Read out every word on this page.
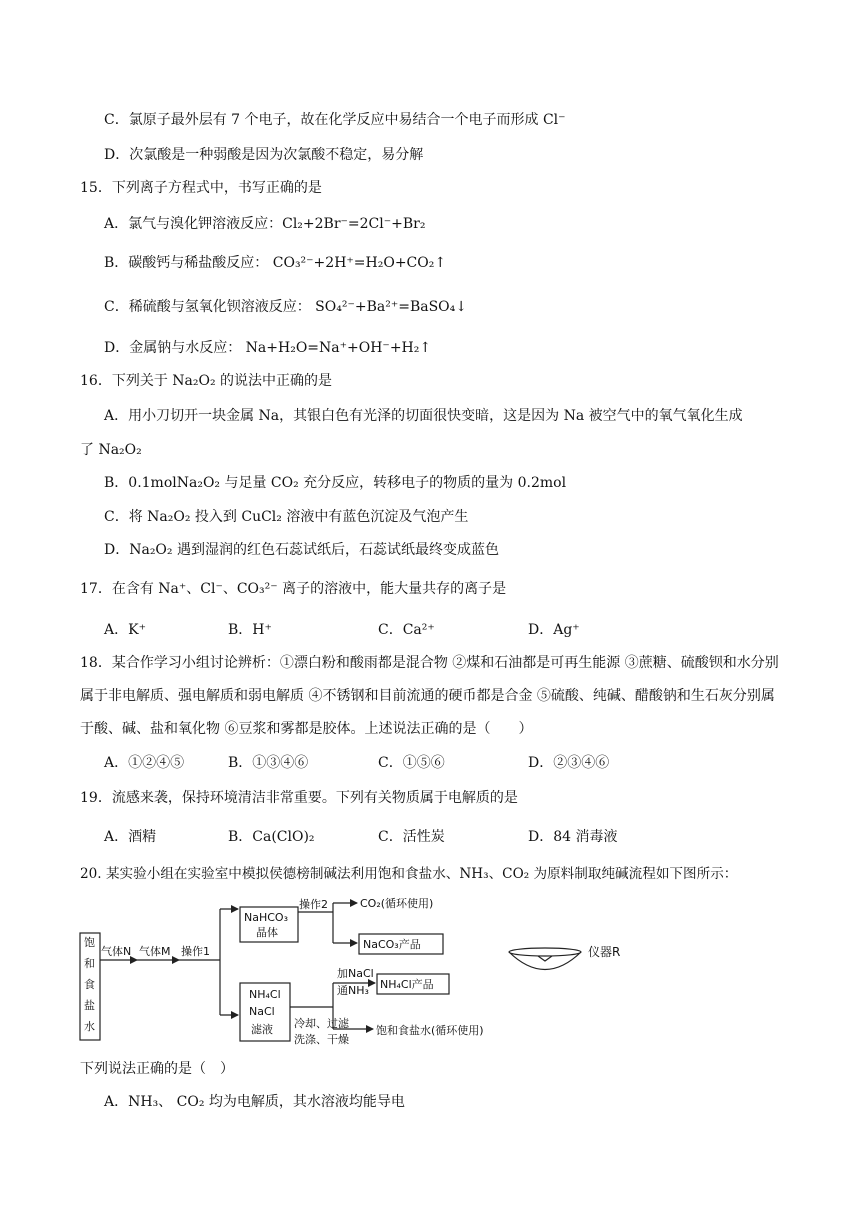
C．氯原子最外层有 7 个电子，故在化学反应中易结合一个电子而形成 Cl⁻
D．次氯酸是一种弱酸是因为次氯酸不稳定，易分解
15．下列离子方程式中，书写正确的是
A．氯气与溴化钾溶液反应：Cl₂+2Br⁻=2Cl⁻+Br₂
B．碳酸钙与稀盐酸反应： CO₃²⁻+2H⁺=H₂O+CO₂↑
C．稀硫酸与氢氧化钡溶液反应： SO₄²⁻+Ba²⁺=BaSO₄↓
D．金属钠与水反应： Na+H₂O=Na⁺+OH⁻+H₂↑
16．下列关于 Na₂O₂ 的说法中正确的是
A．用小刀切开一块金属 Na，其银白色有光泽的切面很快变暗，这是因为 Na 被空气中的氧气氧化生成
了 Na₂O₂
B．0.1molNa₂O₂ 与足量 CO₂ 充分反应，转移电子的物质的量为 0.2mol
C．将 Na₂O₂ 投入到 CuCl₂ 溶液中有蓝色沉淀及气泡产生
D．Na₂O₂ 遇到湿润的红色石蕊试纸后，石蕊试纸最终变成蓝色
17．在含有 Na⁺、Cl⁻、CO₃²⁻ 离子的溶液中，能大量共存的离子是
A．K⁺	B．H⁺	C．Ca²⁺	D．Ag⁺
18．某合作学习小组讨论辨析：①漂白粉和酸雨都是混合物 ②煤和石油都是可再生能源 ③蔗糖、硫酸钡和水分别属于非电解质、强电解质和弱电解质 ④不锈钢和目前流通的硬币都是合金 ⑤硫酸、纯碱、醋酸钠和生石灰分别属于酸、碱、盐和氧化物 ⑥豆浆和雾都是胶体。上述说法正确的是（　　）
A．①②④⑤	B．①③④⑥	C．①⑤⑥	D．②③④⑥
19．流感来袭，保持环境清洁非常重要。下列有关物质属于电解质的是
A．酒精	B．Ca(ClO)₂	C．活性炭	D．84 消毒液
20. 某实验小组在实验室中模拟侯德榜制碱法利用饱和食盐水、NH₃、CO₂ 为原料制取纯碱流程如下图所示：
饱
和
食
盐
水
气体N 气体M 操作1
NaHCO₃
晶体
操作2	CO₂(循环使用)
NaCO₃产品
NH₄Cl
NaCl
滤液
加NaCl
通NH₃ NH₄Cl产品
冷却、过滤
洗涤、干燥
饱和食盐水(循环使用)
仪器R
下列说法正确的是（　）
A．NH₃、 CO₂ 均为电解质，其水溶液均能导电
